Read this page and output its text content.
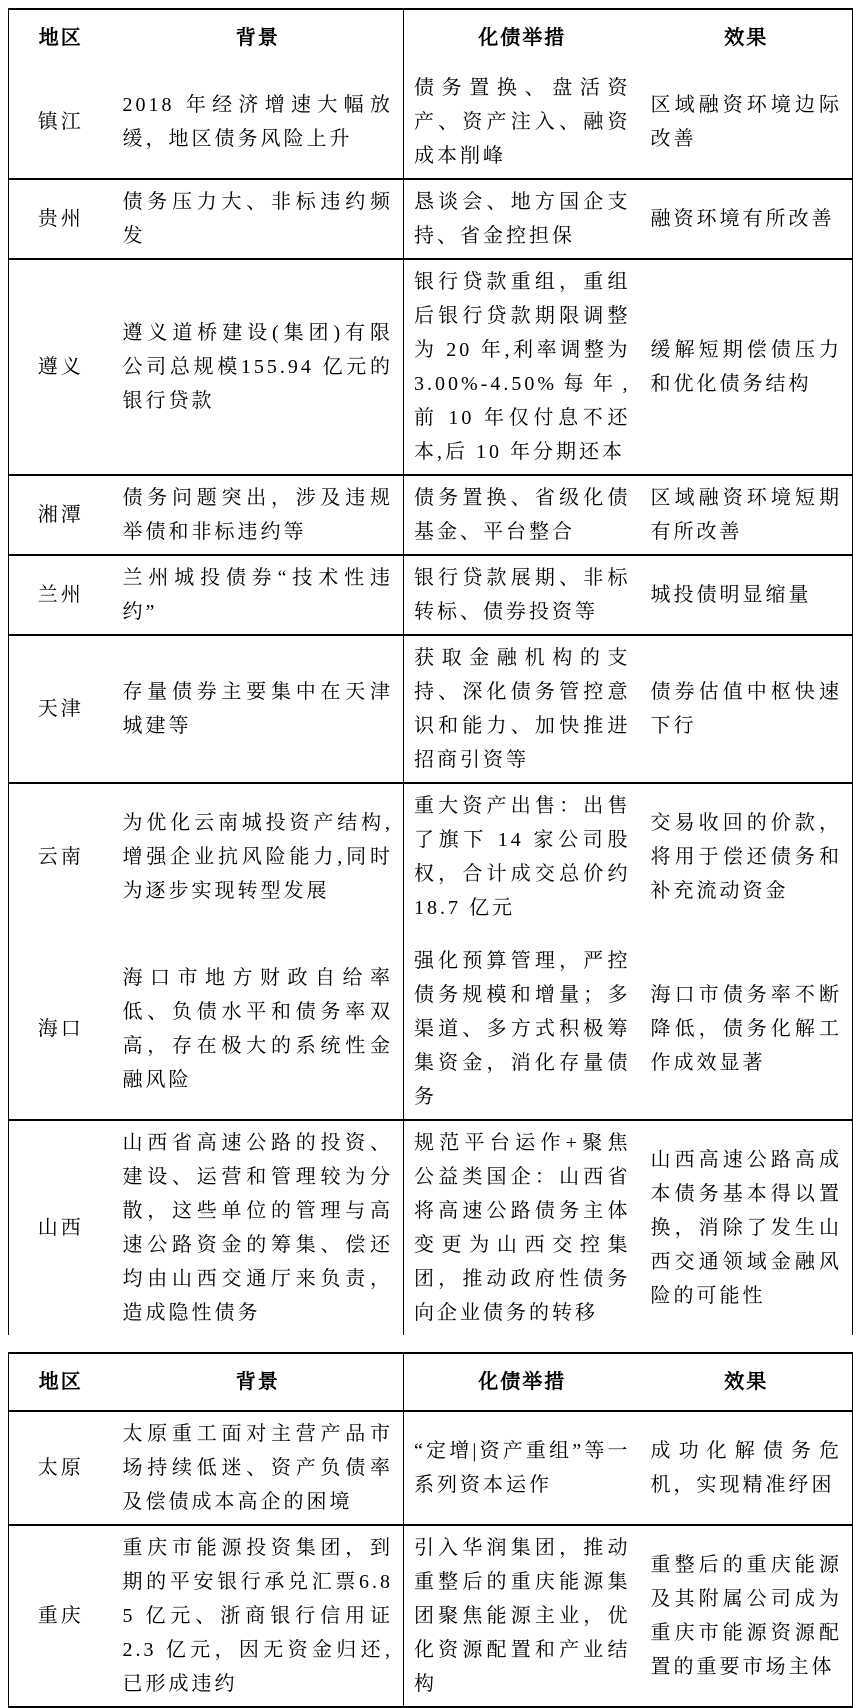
地区	背景	化债举措	效果
镇江	2018 年经济增速大幅放缓，地区债务风险上升	债务置换、盘活资产、资产注入、融资成本削峰	区域融资环境边际改善
贵州	债务压力大、非标违约频发	恳谈会、地方国企支持、省金控担保	融资环境有所改善
遵义	遵义道桥建设(集团)有限公司总规模155.94 亿元的银行贷款	银行贷款重组，重组后银行贷款期限调整为 20 年,利率调整为3.00%-4.50%每年,前 10 年仅付息不还本,后 10 年分期还本	缓解短期偿债压力和优化债务结构
湘潭	债务问题突出，涉及违规举债和非标违约等	债务置换、省级化债基金、平台整合	区域融资环境短期有所改善
兰州	兰州城投债券“技术性违约”	银行贷款展期、非标转标、债券投资等	城投债明显缩量
天津	存量债券主要集中在天津城建等	获取金融机构的支持、深化债务管控意识和能力、加快推进招商引资等	债券估值中枢快速下行
云南	为优化云南城投资产结构,增强企业抗风险能力,同时为逐步实现转型发展	重大资产出售：出售了旗下 14 家公司股权，合计成交总价约18.7 亿元	交易收回的价款，将用于偿还债务和补充流动资金
海口	海口市地方财政自给率低、负债水平和债务率双高，存在极大的系统性金融风险	强化预算管理，严控债务规模和增量；多渠道、多方式积极筹集资金，消化存量债务	海口市债务率不断降低，债务化解工作成效显著
山西	山西省高速公路的投资、建设、运营和管理较为分散，这些单位的管理与高速公路资金的筹集、偿还均由山西交通厅来负责，造成隐性债务	规范平台运作+聚焦公益类国企：山西省将高速公路债务主体变更为山西交控集团，推动政府性债务向企业债务的转移	山西高速公路高成本债务基本得以置换，消除了发生山西交通领域金融风险的可能性
地区	背景	化债举措	效果
太原	太原重工面对主营产品市场持续低迷、资产负债率及偿债成本高企的困境	“定增|资产重组”等一系列资本运作	成功化解债务危机，实现精准纾困
重庆	重庆市能源投资集团，到期的平安银行承兑汇票6.85 亿元、浙商银行信用证 2.3 亿元，因无资金归还,已形成违约	引入华润集团，推动重整后的重庆能源集团聚焦能源主业，优化资源配置和产业结构	重整后的重庆能源及其附属公司成为重庆市能源资源配置的重要市场主体
